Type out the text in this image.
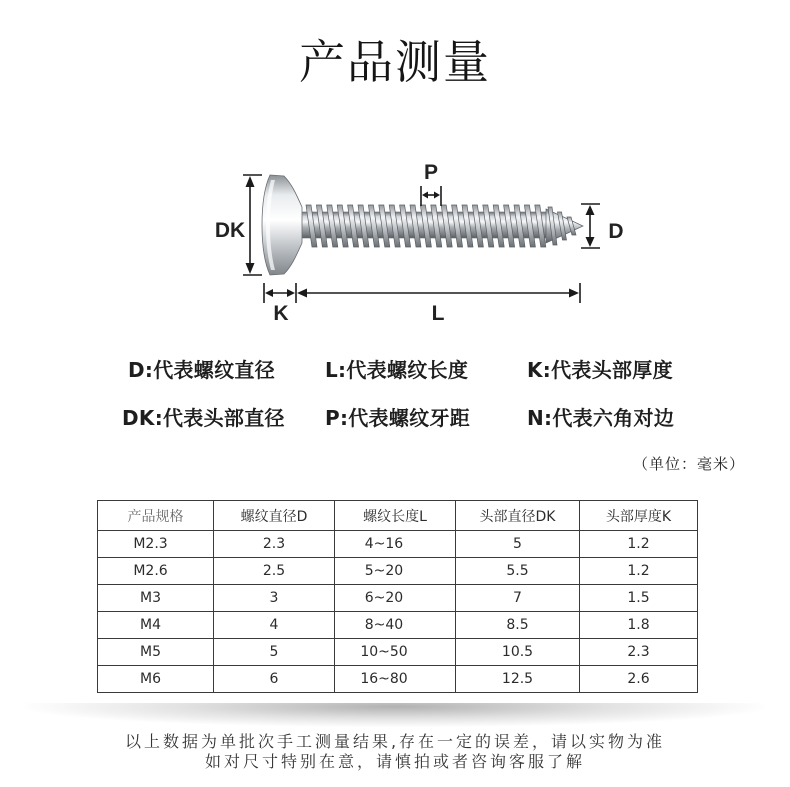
产品测量
DK
P
D
K	L
D:代表螺纹直径	L:代表螺纹长度	K:代表头部厚度
DK:代表头部直径 P:代表螺纹牙距	N:代表六角对边
（单位：毫米）
产品规格	螺纹直径D	螺纹长度L	头部直径DK	头部厚度K
M2.3	2.3	4~16	5	1.2
M2.6	2.5	5~20	5.5	1.2
M3	3	6~20	7	1.5
M4	4	8~40	8.5	1.8
M5	5	10~50	10.5	2.3
M6	6	16~80	12.5	2.6
以上数据为单批次手工测量结果,存在一定的误差，请以实物为准
如对尺寸特别在意，请慎拍或者咨询客服了解
